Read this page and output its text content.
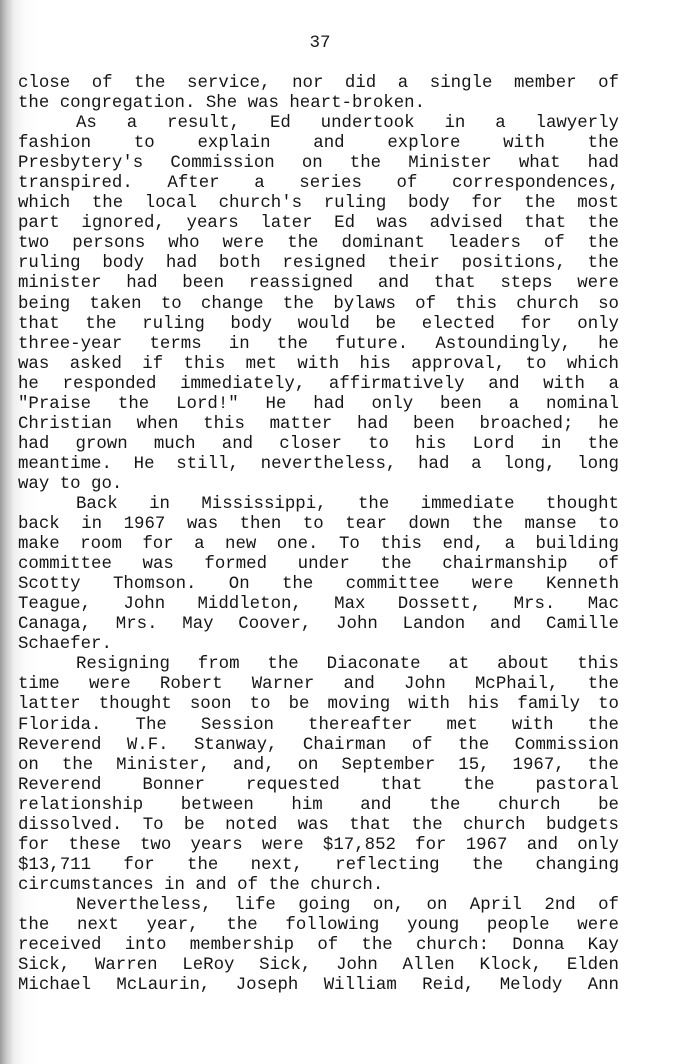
37
close of the service, nor did a single member of
the congregation. She was heart-broken.
As a result, Ed undertook in a lawyerly
fashion to explain and explore with the
Presbytery's Commission on the Minister what had
transpired. After a series of correspondences,
which the local church's ruling body for the most
part ignored, years later Ed was advised that the
two persons who were the dominant leaders of the
ruling body had both resigned their positions, the
minister had been reassigned and that steps were
being taken to change the bylaws of this church so
that the ruling body would be elected for only
three-year terms in the future. Astoundingly, he
was asked if this met with his approval, to which
he responded immediately, affirmatively and with a
"Praise the Lord!" He had only been a nominal
Christian when this matter had been broached; he
had grown much and closer to his Lord in the
meantime. He still, nevertheless, had a long, long
way to go.
Back in Mississippi, the immediate thought
back in 1967 was then to tear down the manse to
make room for a new one. To this end, a building
committee was formed under the chairmanship of
Scotty Thomson. On the committee were Kenneth
Teague, John Middleton, Max Dossett, Mrs. Mac
Canaga, Mrs. May Coover, John Landon and Camille
Schaefer.
Resigning from the Diaconate at about this
time were Robert Warner and John McPhail, the
latter thought soon to be moving with his family to
Florida. The Session thereafter met with the
Reverend W.F. Stanway, Chairman of the Commission
on the Minister, and, on September 15, 1967, the
Reverend Bonner requested that the pastoral
relationship between him and the church be
dissolved. To be noted was that the church budgets
for these two years were $17,852 for 1967 and only
$13,711 for the next, reflecting the changing
circumstances in and of the church.
Nevertheless, life going on, on April 2nd of
the next year, the following young people were
received into membership of the church: Donna Kay
Sick, Warren LeRoy Sick, John Allen Klock, Elden
Michael McLaurin, Joseph William Reid, Melody Ann
